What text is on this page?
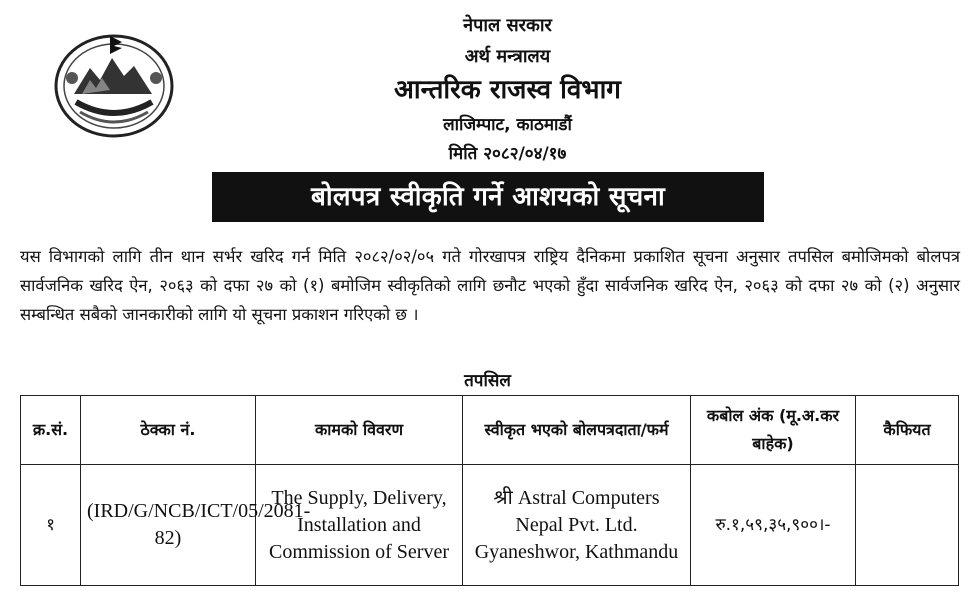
नेपाल सरकार
अर्थ मन्त्रालय
आन्तरिक राजस्व विभाग
लाजिम्पाट, काठमाडौं
मिति २०८२/०४/१७
बोलपत्र स्वीकृति गर्ने आशयको सूचना
यस विभागको लागि तीन थान सर्भर खरिद गर्न मिति २०८२/०२/०५ गते गोरखापत्र राष्ट्रिय दैनिकमा प्रकाशित सूचना अनुसार तपसिल बमोजिमको बोलपत्र सार्वजनिक खरिद ऐन, २०६३ को दफा २७ को (१) बमोजिम स्वीकृतिको लागि छनौट भएको हुँदा सार्वजनिक खरिद ऐन, २०६३ को दफा २७ को (२) अनुसार सम्बन्धित सबैको जानकारीको लागि यो सूचना प्रकाशन गरिएको छ ।
तपसिल
क्र.सं.	ठेक्का नं.	कामको विवरण	स्वीकृत भएको बोलपत्रदाता/फर्म	कबोल अंक (मू.अ.कर बाहेक)	कैफियत
१	(IRD/G/NCB/ICT/05/2081-82)	The Supply, Delivery, Installation and Commission of Server	श्री Astral Computers Nepal Pvt. Ltd. Gyaneshwor, Kathmandu	रु.१,५९,३५,९००।-	
